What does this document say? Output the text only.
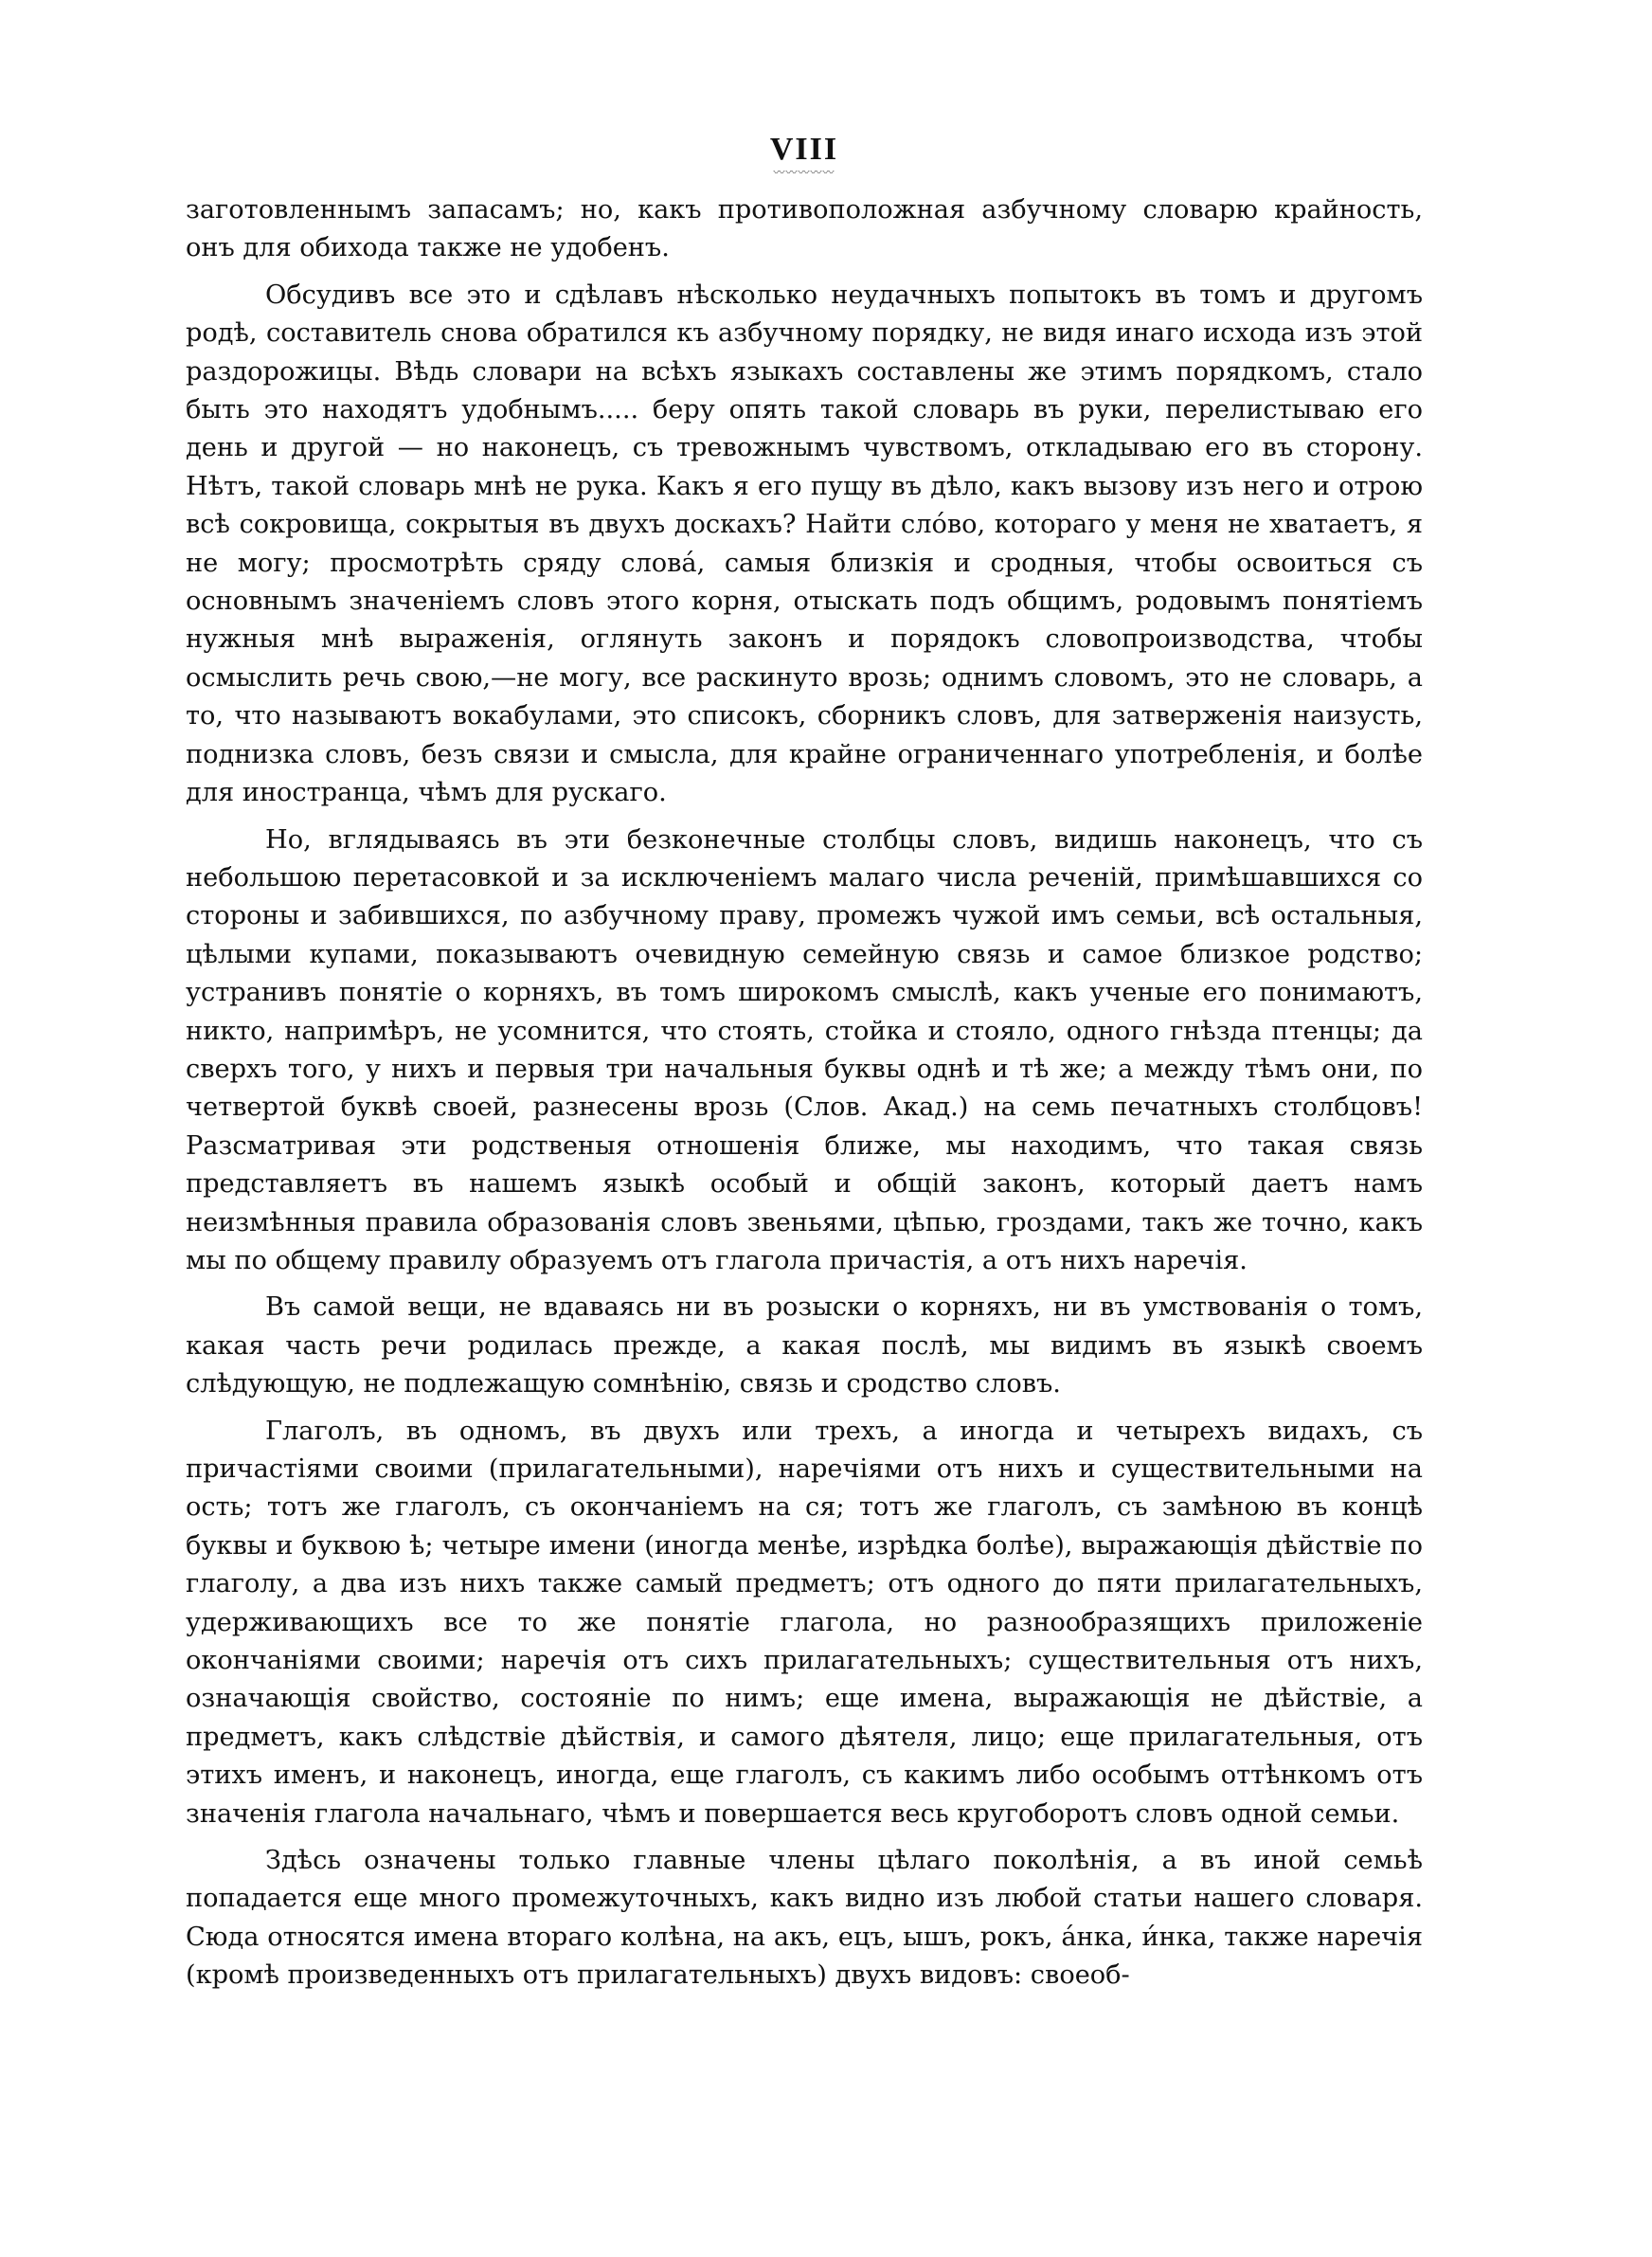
VIII
〰〰〰〰〰

заготовленнымъ запасамъ; но, какъ противоположная азбучному словарю крайность, онъ для обихода также не удобенъ.

Обсудивъ все это и сдѣлавъ нѣсколько неудачныхъ попытокъ въ томъ и другомъ родѣ, составитель снова обратился къ азбучному порядку, не видя инаго исхода изъ этой раздорожицы. Вѣдь словари на всѣхъ языкахъ составлены же этимъ порядкомъ, стало быть это находятъ удобнымъ..... беру опять такой словарь въ руки, перелистываю его день и другой — но наконецъ, съ тревожнымъ чувствомъ, откладываю его въ сторону. Нѣтъ, такой словарь мнѣ не рука. Какъ я его пущу въ дѣло, какъ вызову изъ него и отрою всѣ сокровища, сокрытыя въ двухъ доскахъ? Найти сло́во, котораго у меня не хватаетъ, я не могу; просмотрѣть сряду слова́, самыя близкія и сродныя, чтобы освоиться съ основнымъ значеніемъ словъ этого корня, отыскать подъ общимъ, родовымъ понятіемъ нужныя мнѣ выраженія, оглянуть законъ и порядокъ словопроизводства, чтобы осмыслить речь свою,—не могу, все раскинуто врозь; однимъ словомъ, это не словарь, а то, что называютъ вокабулами, это списокъ, сборникъ словъ, для затверженія наизусть, поднизка словъ, безъ связи и смысла, для крайне ограниченнаго употребленія, и болѣе для иностранца, чѣмъ для рускаго.

Но, вглядываясь въ эти безконечные столбцы словъ, видишь наконецъ, что съ небольшою перетасовкой и за исключеніемъ малаго числа реченій, примѣшавшихся со стороны и забившихся, по азбучному праву, промежъ чужой имъ семьи, всѣ остальныя, цѣлыми купами, показываютъ очевидную семейную связь и самое близкое родство; устранивъ понятіе о корняхъ, въ томъ широкомъ смыслѣ, какъ ученые его понимаютъ, никто, напримѣръ, не усомнится, что стоять, стойка и стояло, одного гнѣзда птенцы; да сверхъ того, у нихъ и первыя три начальныя буквы однѣ и тѣ же; а между тѣмъ они, по четвертой буквѣ своей, разнесены врозь (Слов. Акад.) на семь печатныхъ столбцовъ! Разсматривая эти родственыя отношенія ближе, мы находимъ, что такая связь представляетъ въ нашемъ языкѣ особый и общій законъ, который даетъ намъ неизмѣнныя правила образованія словъ звеньями, цѣпью, гроздами, такъ же точно, какъ мы по общему правилу образуемъ отъ глагола причастія, а отъ нихъ наречія.

Въ самой вещи, не вдаваясь ни въ розыски о корняхъ, ни въ умствованія о томъ, какая часть речи родилась прежде, а какая послѣ, мы видимъ въ языкѣ своемъ слѣдующую, не подлежащую сомнѣнію, связь и сродство словъ.

Глаголъ, въ одномъ, въ двухъ или трехъ, а иногда и четырехъ видахъ, съ причастіями своими (прилагательными), наречіями отъ нихъ и существительными на ость; тотъ же глаголъ, съ окончаніемъ на ся; тотъ же глаголъ, съ замѣною въ концѣ буквы и буквою ѣ; четыре имени (иногда менѣе, изрѣдка болѣе), выражающія дѣйствіе по глаголу, а два изъ нихъ также самый предметъ; отъ одного до пяти прилагательныхъ, удерживающихъ все то же понятіе глагола, но разнообразящихъ приложеніе окончаніями своими; наречія отъ сихъ прилагательныхъ; существительныя отъ нихъ, означающія свойство, состояніе по нимъ; еще имена, выражающія не дѣйствіе, а предметъ, какъ слѣдствіе дѣйствія, и самого дѣятеля, лицо; еще прилагательныя, отъ этихъ именъ, и наконецъ, иногда, еще глаголъ, съ какимъ либо особымъ оттѣнкомъ отъ значенія глагола начальнаго, чѣмъ и повершается весь кругоборотъ словъ одной семьи.

Здѣсь означены только главные члены цѣлаго поколѣнія, а въ иной семьѣ попадается еще много промежуточныхъ, какъ видно изъ любой статьи нашего словаря. Сюда относятся имена втораго колѣна, на акъ, ецъ, ышъ, рокъ, а́нка, и́нка, также наречія (кромѣ произведенныхъ отъ прилагательныхъ) двухъ видовъ: своеоб-
